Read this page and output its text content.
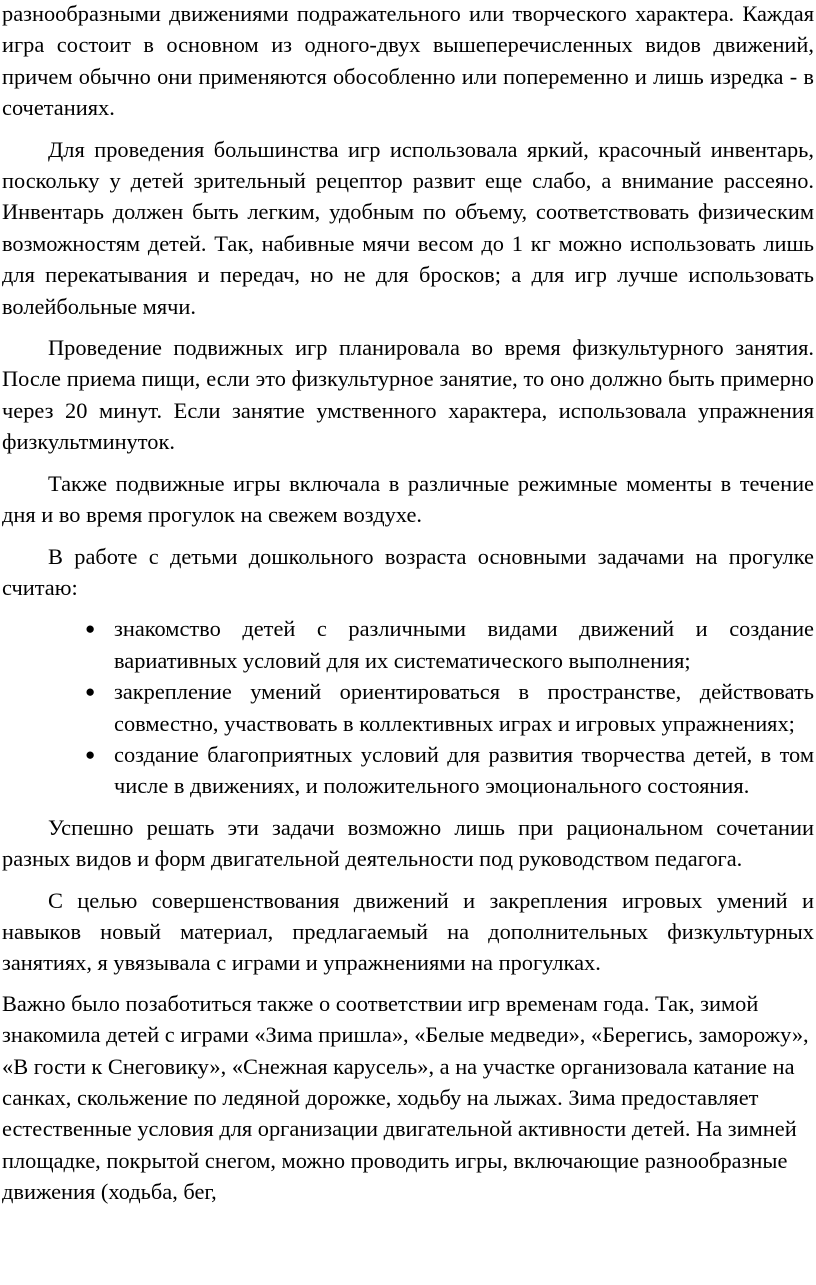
разнообразными движениями подражательного или творческого характера. Каждая игра состоит в основном из одного-двух вышеперечисленных видов движений, причем обычно они применяются обособленно или попеременно и лишь изредка - в сочетаниях.

Для проведения большинства игр использовала яркий, красочный инвентарь, поскольку у детей зрительный рецептор развит еще слабо, а внимание рассеяно. Инвентарь должен быть легким, удобным по объему, соответствовать физическим возможностям детей. Так, набивные мячи весом до 1 кг можно использовать лишь для перекатывания и передач, но не для бросков; а для игр лучше использовать волейбольные мячи.

Проведение подвижных игр планировала во время физкультурного занятия. После приема пищи, если это физкультурное занятие, то оно должно быть примерно через 20 минут. Если занятие умственного характера, использовала упражнения физкультминуток.

Также подвижные игры включала в различные режимные моменты в течение дня и во время прогулок на свежем воздухе.

В работе с детьми дошкольного возраста основными задачами на прогулке считаю:

● знакомство детей с различными видами движений и создание вариативных условий для их систематического выполнения;
● закрепление умений ориентироваться в пространстве, действовать совместно, участвовать в коллективных играх и игровых упражнениях;
● создание благоприятных условий для развития творчества детей, в том числе в движениях, и положительного эмоционального состояния.

Успешно решать эти задачи возможно лишь при рациональном сочетании разных видов и форм двигательной деятельности под руководством педагога.

С целью совершенствования движений и закрепления игровых умений и навыков новый материал, предлагаемый на дополнительных физкультурных занятиях, я увязывала с играми и упражнениями на прогулках.

Важно было позаботиться также о соответствии игр временам года. Так, зимой знакомила детей с играми «Зима пришла», «Белые медведи», «Берегись, заморожу», «В гости к Снеговику», «Снежная карусель», а на участке организовала катание на санках, скольжение по ледяной дорожке, ходьбу на лыжах. Зима предоставляет естественные условия для организации двигательной активности детей. На зимней площадке, покрытой снегом, можно проводить игры, включающие разнообразные движения (ходьба, бег,
